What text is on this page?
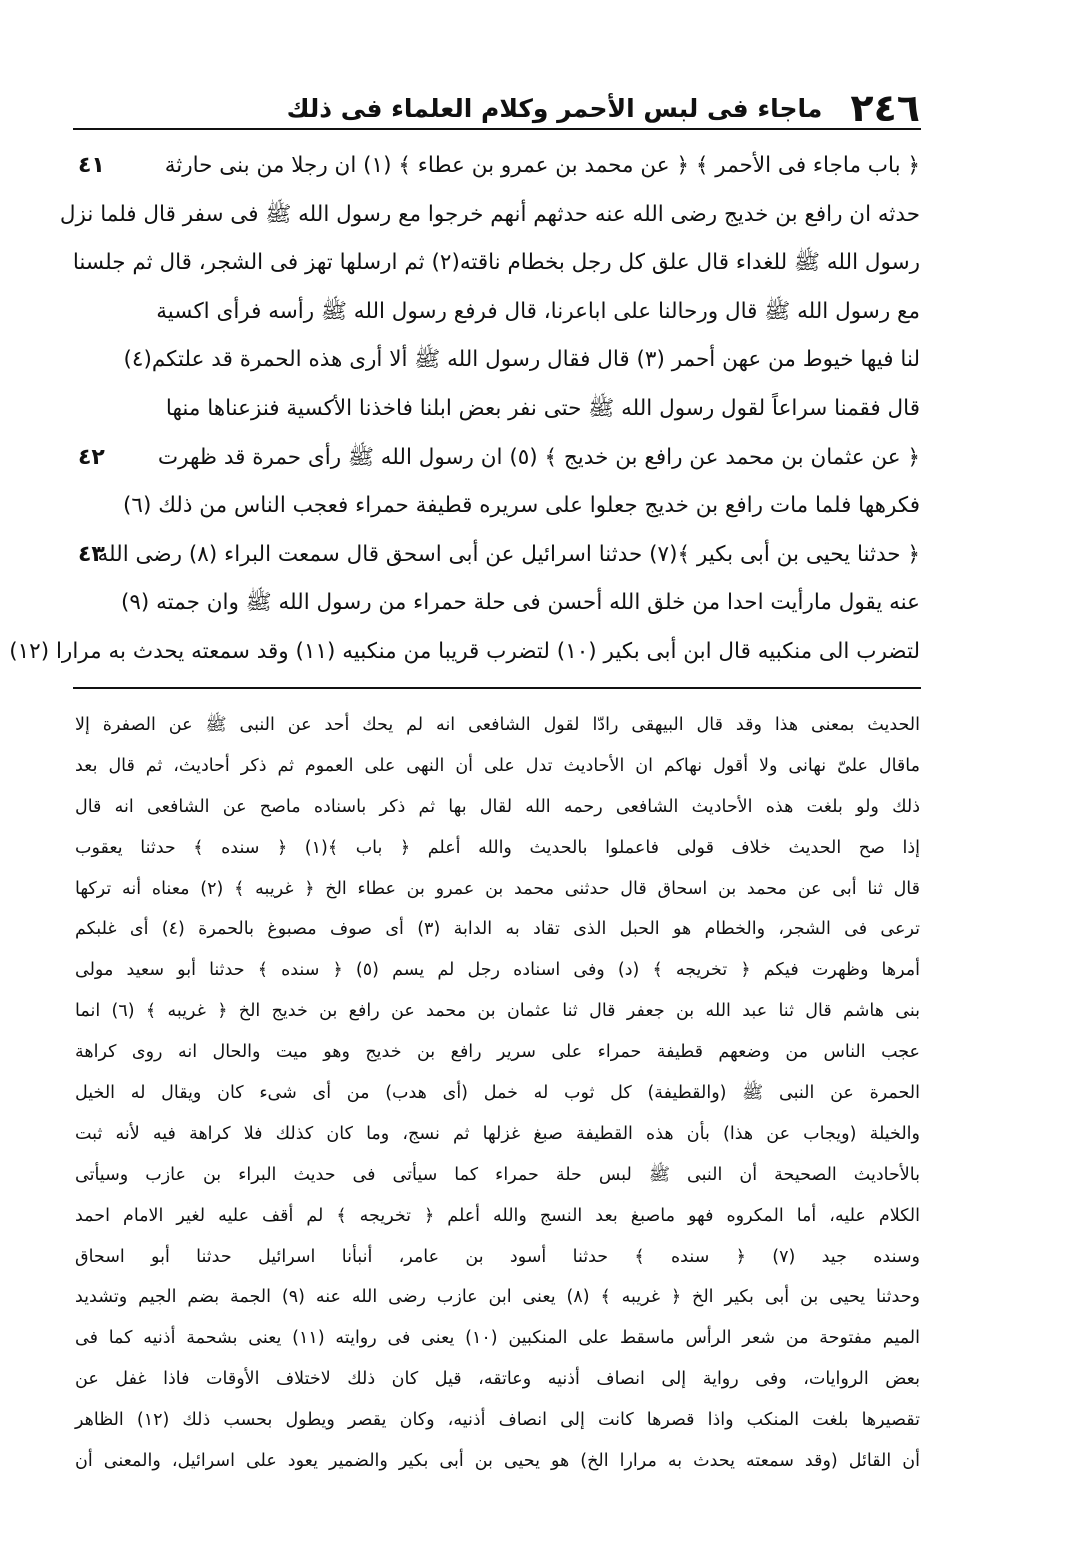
٢٤٦
ماجاء فى لبس الأحمر وكلام العلماء فى ذلك
٤١
٤٢
٤٣
﴿ باب ماجاء فى الأحمر ﴾ ﴿ عن محمد بن عمرو بن عطاء ﴾ (١) ان رجلا من بنى حارثة
حدثه ان رافع بن خديج رضى الله عنه حدثهم أنهم خرجوا مع رسول الله ﷺ فى سفر قال فلما نزل
رسول الله ﷺ للغداء قال علق كل رجل بخطام ناقته(٢) ثم ارسلها تهز فى الشجر، قال ثم جلسنا
مع رسول الله ﷺ قال ورحالنا على اباعرنا، قال فرفع رسول الله ﷺ رأسه فرأى اكسية
لنا فيها خيوط من عهن أحمر (٣) قال فقال رسول الله ﷺ ألا أرى هذه الحمرة قد علتكم(٤)
قال فقمنا سراعاً لقول رسول الله ﷺ حتى نفر بعض ابلنا فاخذنا الأكسية فنزعناها منها
﴿ عن عثمان بن محمد عن رافع بن خديج ﴾ (٥) ان رسول الله ﷺ رأى حمرة قد ظهرت
فكرهها فلما مات رافع بن خديج جعلوا على سريره قطيفة حمراء فعجب الناس من ذلك (٦)
﴿ حدثنا يحيى بن أبى بكير ﴾(٧) حدثنا اسرائيل عن أبى اسحق قال سمعت البراء (٨) رضى الله
عنه يقول مارأيت احدا من خلق الله أحسن فى حلة حمراء من رسول الله ﷺ وان جمته (٩)
لتضرب الى منكبيه قال ابن أبى بكير (١٠) لتضرب قريبا من منكبيه (١١) وقد سمعته يحدث به مرارا (١٢)
الحديث بمعنى هذا وقد قال البيهقى رادّا لقول الشافعى انه لم يحك أحد عن النبى ﷺ عن الصفرة إلا
ماقال علىّ نهانى ولا أقول نهاكم ان الأحاديث تدل على أن النهى على العموم ثم ذكر أحاديث، ثم قال بعد
ذلك ولو بلغت هذه الأحاديث الشافعى رحمه الله لقال بها ثم ذكر باسناده ماصح عن الشافعى انه قال
إذا صح الحديث خلاف قولى فاعملوا بالحديث والله أعلم ﴿ باب ﴾(١) ﴿ سنده ﴾ حدثنا يعقوب
قال ثنا أبى عن محمد بن اسحاق قال حدثنى محمد بن عمرو بن عطاء الخ ﴿ غريبه ﴾ (٢) معناه أنه تركها
ترعى فى الشجر، والخطام هو الحبل الذى تقاد به الدابة (٣) أى صوف مصبوغ بالحمرة (٤) أى غلبكم
أمرها وظهرت فيكم ﴿ تخريجه ﴾ (د) وفى اسناده رجل لم يسم (٥) ﴿ سنده ﴾ حدثنا أبو سعيد مولى
بنى هاشم قال ثنا عبد الله بن جعفر قال ثنا عثمان بن محمد عن رافع بن خديج الخ ﴿ غريبه ﴾ (٦) انما
عجب الناس من وضعهم قطيفة حمراء على سرير رافع بن خديج وهو ميت والحال انه روى كراهة
الحمرة عن النبى ﷺ (والقطيفة) كل ثوب له خمل (أى هدب) من أى شىء كان ويقال له الخيل
والخيلة (ويجاب عن هذا) بأن هذه القطيفة صبغ غزلها ثم نسج، وما كان كذلك فلا كراهة فيه لأنه ثبت
بالأحاديث الصحيحة أن النبى ﷺ لبس حلة حمراء كما سيأتى فى حديث البراء بن عازب وسيأتى
الكلام عليه، أما المكروه فهو ماصبغ بعد النسج والله أعلم ﴿ تخريجه ﴾ لم أقف عليه لغير الامام احمد
وسنده جيد (٧) ﴿ سنده ﴾ حدثنا أسود بن عامر، أنبأنا اسرائيل حدثنا أبو اسحاق
وحدثنا يحيى بن أبى بكير الخ ﴿ غريبه ﴾ (٨) يعنى ابن عازب رضى الله عنه (٩) الجمة بضم الجيم وتشديد
الميم مفتوحة من شعر الرأس ماسقط على المنكبين (١٠) يعنى فى روايته (١١) يعنى بشحمة أذنيه كما فى
بعض الروايات، وفى رواية إلى انصاف أذنيه وعاتقه، قيل كان ذلك لاختلاف الأوقات فاذا غفل عن
تقصيرها بلغت المنكب واذا قصرها كانت إلى انصاف أذنيه، وكان يقصر ويطول بحسب ذلك (١٢) الظاهر
أن القائل (وقد سمعته يحدث به مرارا الخ) هو يحيى بن أبى بكير والضمير يعود على اسرائيل، والمعنى أن
